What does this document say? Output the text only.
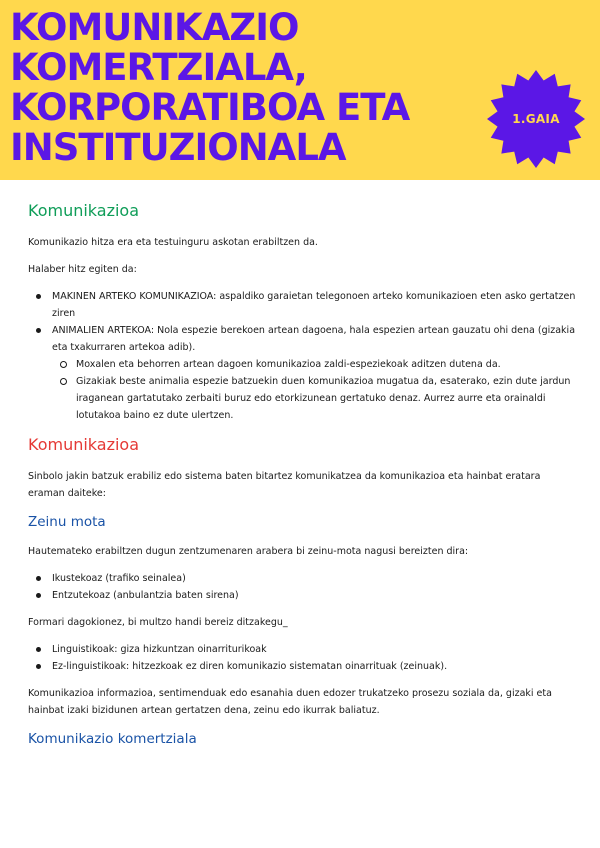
KOMUNIKAZIO
KOMERTZIALA,
KORPORATIBOA ETA
INSTITUZIONALA
1.GAIA
Komunikazioa

Komunikazio hitza era eta testuinguru askotan erabiltzen da.

Halaber hitz egiten da:

MAKINEN ARTEKO KOMUNIKAZIOA: aspaldiko garaietan telegonoen arteko komunikazioen eten asko gertatzen ziren
ANIMALIEN ARTEKOA: Nola espezie berekoen artean dagoena, hala espezien artean gauzatu ohi dena (gizakia eta txakurraren artekoa adib).
Moxalen eta behorren artean dagoen komunikazioa zaldi-espeziekoak aditzen dutena da.
Gizakiak beste animalia espezie batzuekin duen komunikazioa mugatua da, esaterako, ezin dute jardun iraganean gartatutako zerbaiti buruz edo etorkizunean gertatuko denaz. Aurrez aurre eta orainaldi lotutakoa baino ez dute ulertzen.
Komunikazioa

Sinbolo jakin batzuk erabiliz edo sistema baten bitartez komunikatzea da komunikazioa eta hainbat eratara eraman daiteke:

Zeinu mota

Hautemateko erabiltzen dugun zentzumenaren arabera bi zeinu-mota nagusi bereizten dira:

Ikustekoaz (trafiko seinalea)
Entzutekoaz (anbulantzia baten sirena)

Formari dagokionez, bi multzo handi bereiz ditzakegu_

Linguistikoak: giza hizkuntzan oinarriturikoak
Ez-linguistikoak: hitzezkoak ez diren komunikazio sistematan oinarrituak (zeinuak).

Komunikazioa informazioa, sentimenduak edo esanahia duen edozer trukatzeko prosezu soziala da, gizaki eta hainbat izaki bizidunen artean gertatzen dena, zeinu edo ikurrak baliatuz.

Komunikazio komertziala
